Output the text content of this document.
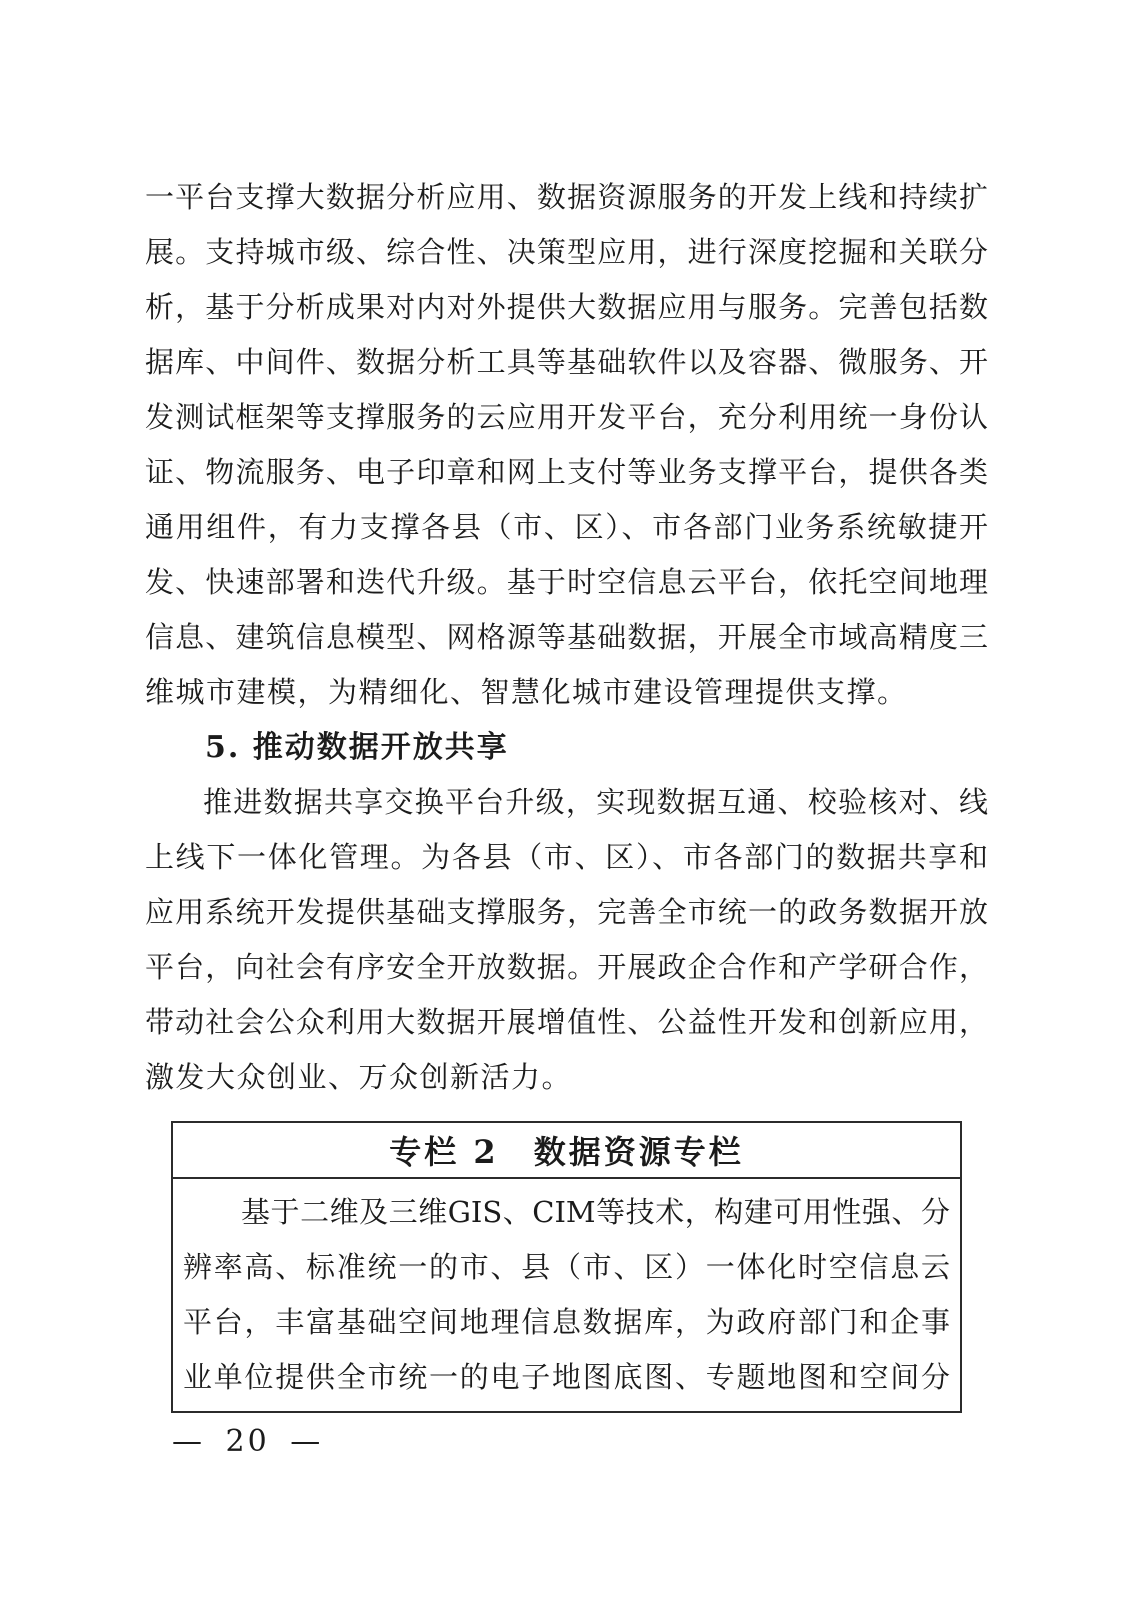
一平台支撑大数据分析应用、数据资源服务的开发上线和持续扩

展。支持城市级、综合性、决策型应用，进行深度挖掘和关联分

析，基于分析成果对内对外提供大数据应用与服务。完善包括数

据库、中间件、数据分析工具等基础软件以及容器、微服务、开

发测试框架等支撑服务的云应用开发平台，充分利用统一身份认

证、物流服务、电子印章和网上支付等业务支撑平台，提供各类

通用组件，有力支撑各县（市、区）、市各部门业务系统敏捷开

发、快速部署和迭代升级。基于时空信息云平台，依托空间地理

信息、建筑信息模型、网格源等基础数据，开展全市域高精度三

维城市建模，为精细化、智慧化城市建设管理提供支撑。

5. 推动数据开放共享

推进数据共享交换平台升级，实现数据互通、校验核对、线

上线下一体化管理。为各县（市、区）、市各部门的数据共享和

应用系统开发提供基础支撑服务，完善全市统一的政务数据开放

平台，向社会有序安全开放数据。开展政企合作和产学研合作，

带动社会公众利用大数据开展增值性、公益性开发和创新应用，

激发大众创业、万众创新活力。

专栏 2　数据资源专栏

基于二维及三维GIS、CIM等技术，构建可用性强、分

辨率高、标准统一的市、县（市、区）一体化时空信息云

平台，丰富基础空间地理信息数据库，为政府部门和企事

业单位提供全市统一的电子地图底图、专题地图和空间分

— 20 —
